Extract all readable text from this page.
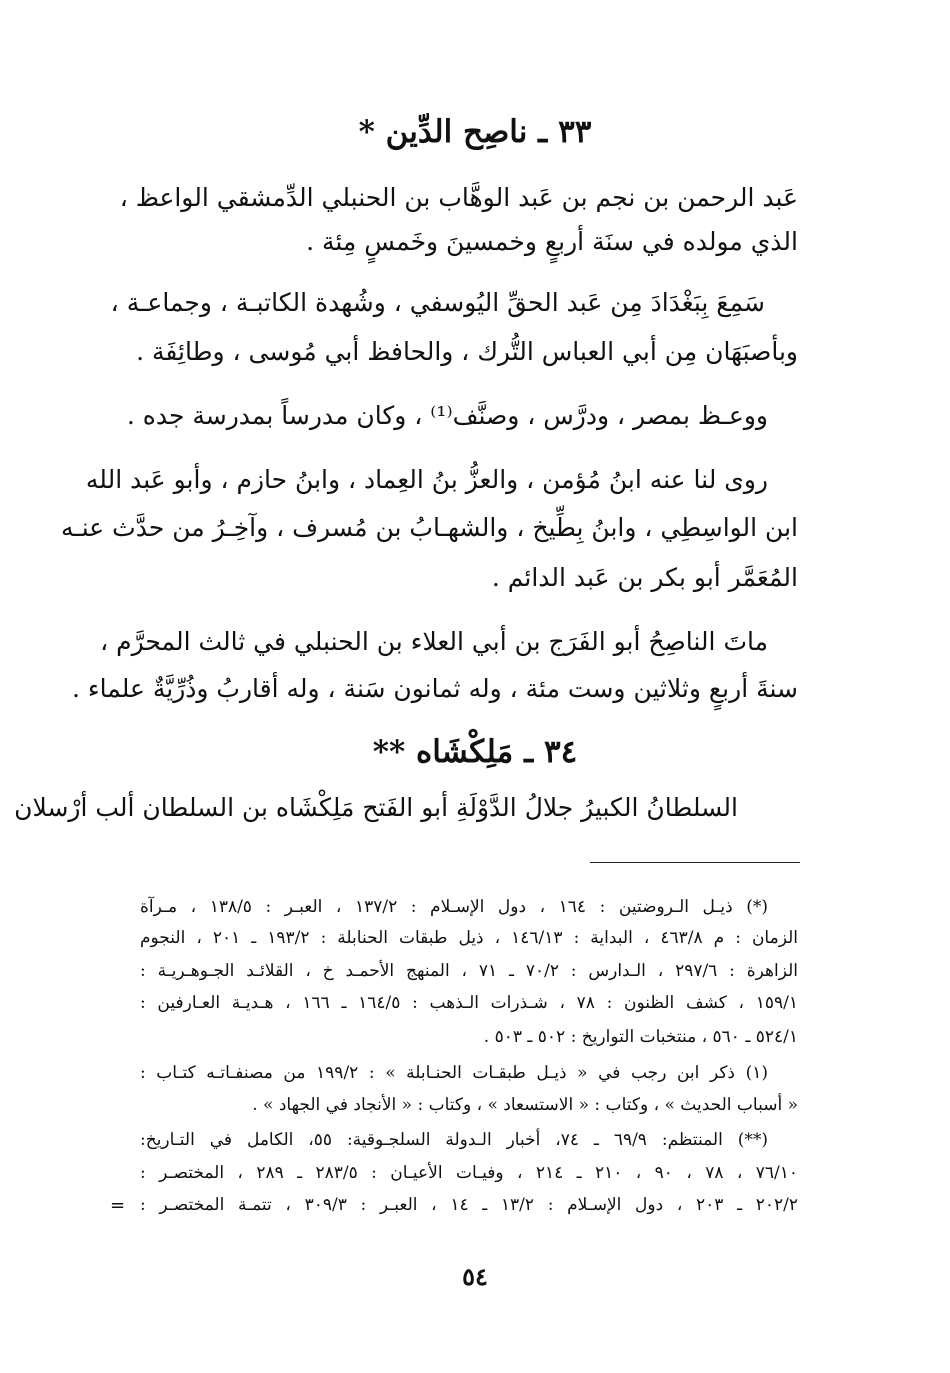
٣٣ ـ ناصِح الدِّين *
عَبد الرحمن بن نجم بن عَبد الوهَّاب بن الحنبلي الدِّمشقي الواعظ ،
الذي مولده في سنَة أربعٍ وخمسينَ وخَمسٍ مِئة .
سَمِعَ بِبَغْدَادَ مِن عَبد الحقِّ اليُوسفي ، وشُهدة الكاتبـة ، وجماعـة ،
وبأصبَهَان مِن أبي العباس التُّرك ، والحافظ أبي مُوسى ، وطائِفَة .
ووعـظ بمصر ، ودرَّس ، وصنَّف⁽¹⁾ ، وكان مدرساً بمدرسة جده .
روى لنا عنه ابنُ مُؤمن ، والعزُّ بنُ العِماد ، وابنُ حازم ، وأبو عَبد الله
ابن الواسِطِي ، وابنُ بِطِّيخ ، والشهـابُ بن مُسرف ، وآخِـرُ من حدَّث عنـه
المُعَمَّر أبو بكر بن عَبد الدائم .
ماتَ الناصِحُ أبو الفَرَج بن أبي العلاء بن الحنبلي في ثالث المحرَّم ،
سنةَ أربعٍ وثلاثين وست مئة ، وله ثمانون سَنة ، وله أقاربُ وذُرِّيَّةٌ علماء .
٣٤ ـ مَلِكْشَاه **
السلطانُ الكبيرُ جلالُ الدَّوْلَةِ أبو الفَتح مَلِكْشَاه بن السلطان ألب أرْسلان
(*) ذيـل الـروضتين : ١٦٤ ، دول الإسـلام : ١٣٧/٢ ، العبـر : ١٣٨/٥ ، مـرآة
الزمان : م ٤٦٣/٨ ، البداية : ١٤٦/١٣ ، ذيل طبقات الحنابلة : ١٩٣/٢ ـ ٢٠١ ، النجوم
الزاهرة : ٢٩٧/٦ ، الـدارس : ٧٠/٢ ـ ٧١ ، المنهج الأحمـد خ ، القلائـد الجـوهـريـة :
١٥٩/١ ، كشف الظنون : ٧٨ ، شـذرات الـذهب : ١٦٤/٥ ـ ١٦٦ ، هـديـة العـارفين :
٥٢٤/١ ـ ٥٦٠ ، منتخبات التواريخ : ٥٠٢ ـ ٥٠٣ .
(١) ذكر ابن رجب في « ذيـل طبقـات الحنـابلة » : ١٩٩/٢ من مصنفـاتـه كتـاب :
« أسباب الحديث » ، وكتاب : « الاستسعاد » ، وكتاب : « الأنجاد في الجهاد » .
(**) المنتظم: ٦٩/٩ ـ ٧٤، أخبار الـدولة السلجـوقية: ٥٥، الكامل في التـاريخ:
٧٦/١٠ ، ٧٨ ، ٩٠ ، ٢١٠ ـ ٢١٤ ، وفيـات الأعيـان : ٢٨٣/٥ ـ ٢٨٩ ، المختصـر :
٢٠٢/٢ ـ ٢٠٣ ، دول الإسـلام : ١٣/٢ ـ ١٤ ، العبـر : ٣٠٩/٣ ، تتمـة المختصـر :
=
٥٤
